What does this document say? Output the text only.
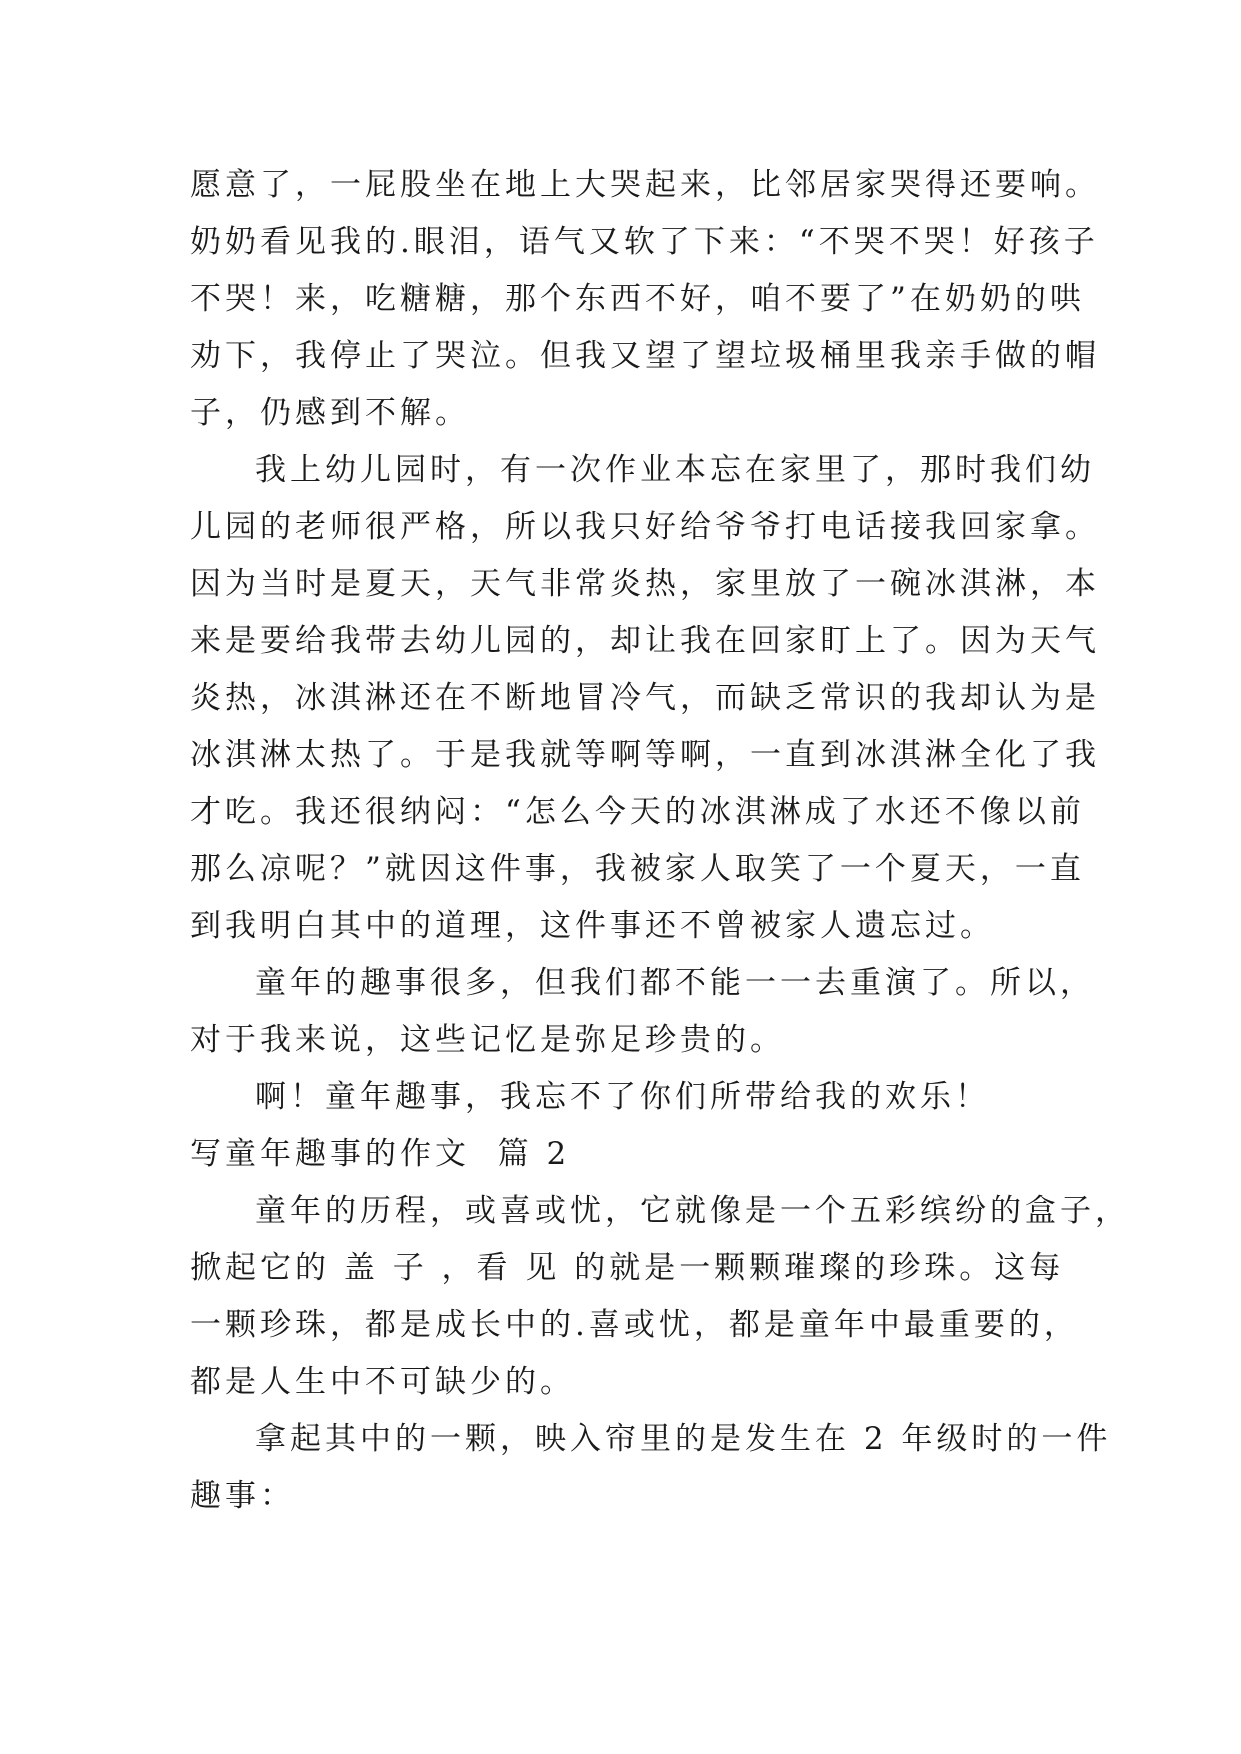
愿意了，一屁股坐在地上大哭起来，比邻居家哭得还要响。
奶奶看见我的.眼泪，语气又软了下来：“不哭不哭！好孩子
不哭！来，吃糖糖，那个东西不好，咱不要了”在奶奶的哄
劝下，我停止了哭泣。但我又望了望垃圾桶里我亲手做的帽
子，仍感到不解。
我上幼儿园时，有一次作业本忘在家里了，那时我们幼
儿园的老师很严格，所以我只好给爷爷打电话接我回家拿。
因为当时是夏天，天气非常炎热，家里放了一碗冰淇淋，本
来是要给我带去幼儿园的，却让我在回家盯上了。因为天气
炎热，冰淇淋还在不断地冒冷气，而缺乏常识的我却认为是
冰淇淋太热了。于是我就等啊等啊，一直到冰淇淋全化了我
才吃。我还很纳闷：“怎么今天的冰淇淋成了水还不像以前
那么凉呢？”就因这件事，我被家人取笑了一个夏天，一直
到我明白其中的道理，这件事还不曾被家人遗忘过。
童年的趣事很多，但我们都不能一一去重演了。所以，
对于我来说，这些记忆是弥足珍贵的。
啊！童年趣事，我忘不了你们所带给我的欢乐！
写童年趣事的作文  篇 2
童年的历程，或喜或忧，它就像是一个五彩缤纷的盒子，
掀起它的 盖 子 ，看 见 的就是一颗颗璀璨的珍珠。这每
一颗珍珠，都是成长中的.喜或忧，都是童年中最重要的，
都是人生中不可缺少的。
拿起其中的一颗，映入帘里的是发生在 2 年级时的一件
趣事：
